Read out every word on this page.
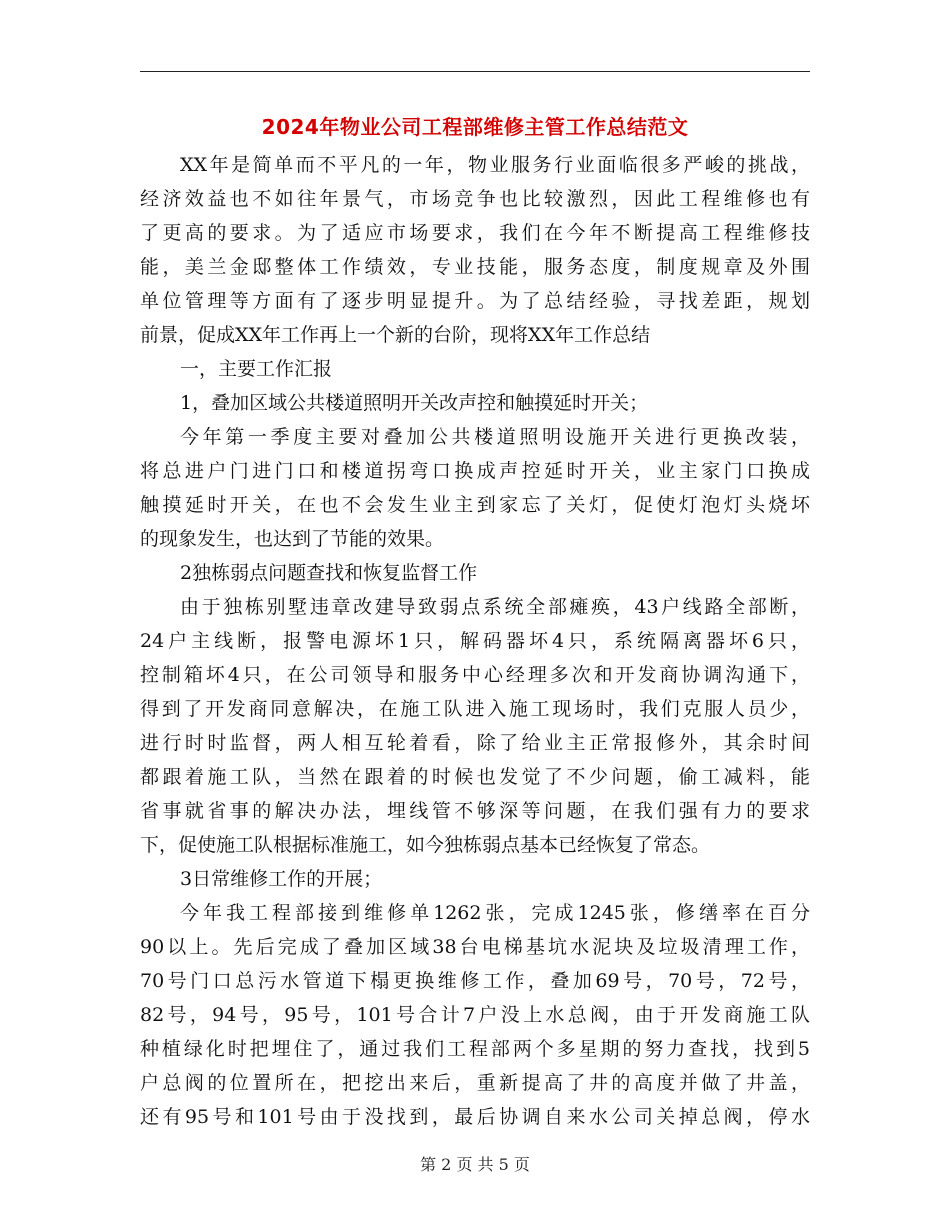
2024年物业公司工程部维修主管工作总结范文
XX年是简单而不平凡的一年，物业服务行业面临很多严峻的挑战，
经济效益也不如往年景气，市场竞争也比较激烈，因此工程维修也有
了更高的要求。为了适应市场要求，我们在今年不断提高工程维修技
能，美兰金邸整体工作绩效，专业技能，服务态度，制度规章及外围
单位管理等方面有了逐步明显提升。为了总结经验，寻找差距，规划
前景，促成XX年工作再上一个新的台阶，现将XX年工作总结
一，主要工作汇报
1，叠加区域公共楼道照明开关改声控和触摸延时开关；
今年第一季度主要对叠加公共楼道照明设施开关进行更换改装，
将总进户门进门口和楼道拐弯口换成声控延时开关，业主家门口换成
触摸延时开关，在也不会发生业主到家忘了关灯，促使灯泡灯头烧坏
的现象发生，也达到了节能的效果。
2独栋弱点问题查找和恢复监督工作
由于独栋别墅违章改建导致弱点系统全部瘫痪，43户线路全部断，
24户主线断，报警电源坏1只，解码器坏4只，系统隔离器坏6只，
控制箱坏4只，在公司领导和服务中心经理多次和开发商协调沟通下，
得到了开发商同意解决，在施工队进入施工现场时，我们克服人员少，
进行时时监督，两人相互轮着看，除了给业主正常报修外，其余时间
都跟着施工队，当然在跟着的时候也发觉了不少问题，偷工减料，能
省事就省事的解决办法，埋线管不够深等问题，在我们强有力的要求
下，促使施工队根据标准施工，如今独栋弱点基本已经恢复了常态。
3日常维修工作的开展；
今年我工程部接到维修单1262张，完成1245张，修缮率在百分
90以上。先后完成了叠加区域38台电梯基坑水泥块及垃圾清理工作，
70号门口总污水管道下榻更换维修工作，叠加69号，70号，72号，
82号，94号，95号，101号合计7户没上水总阀，由于开发商施工队
种植绿化时把埋住了，通过我们工程部两个多星期的努力查找，找到5
户总阀的位置所在，把挖出来后，重新提高了井的高度并做了井盖，
还有95号和101号由于没找到，最后协调自来水公司关掉总阀，停水
第 2 页 共 5 页
